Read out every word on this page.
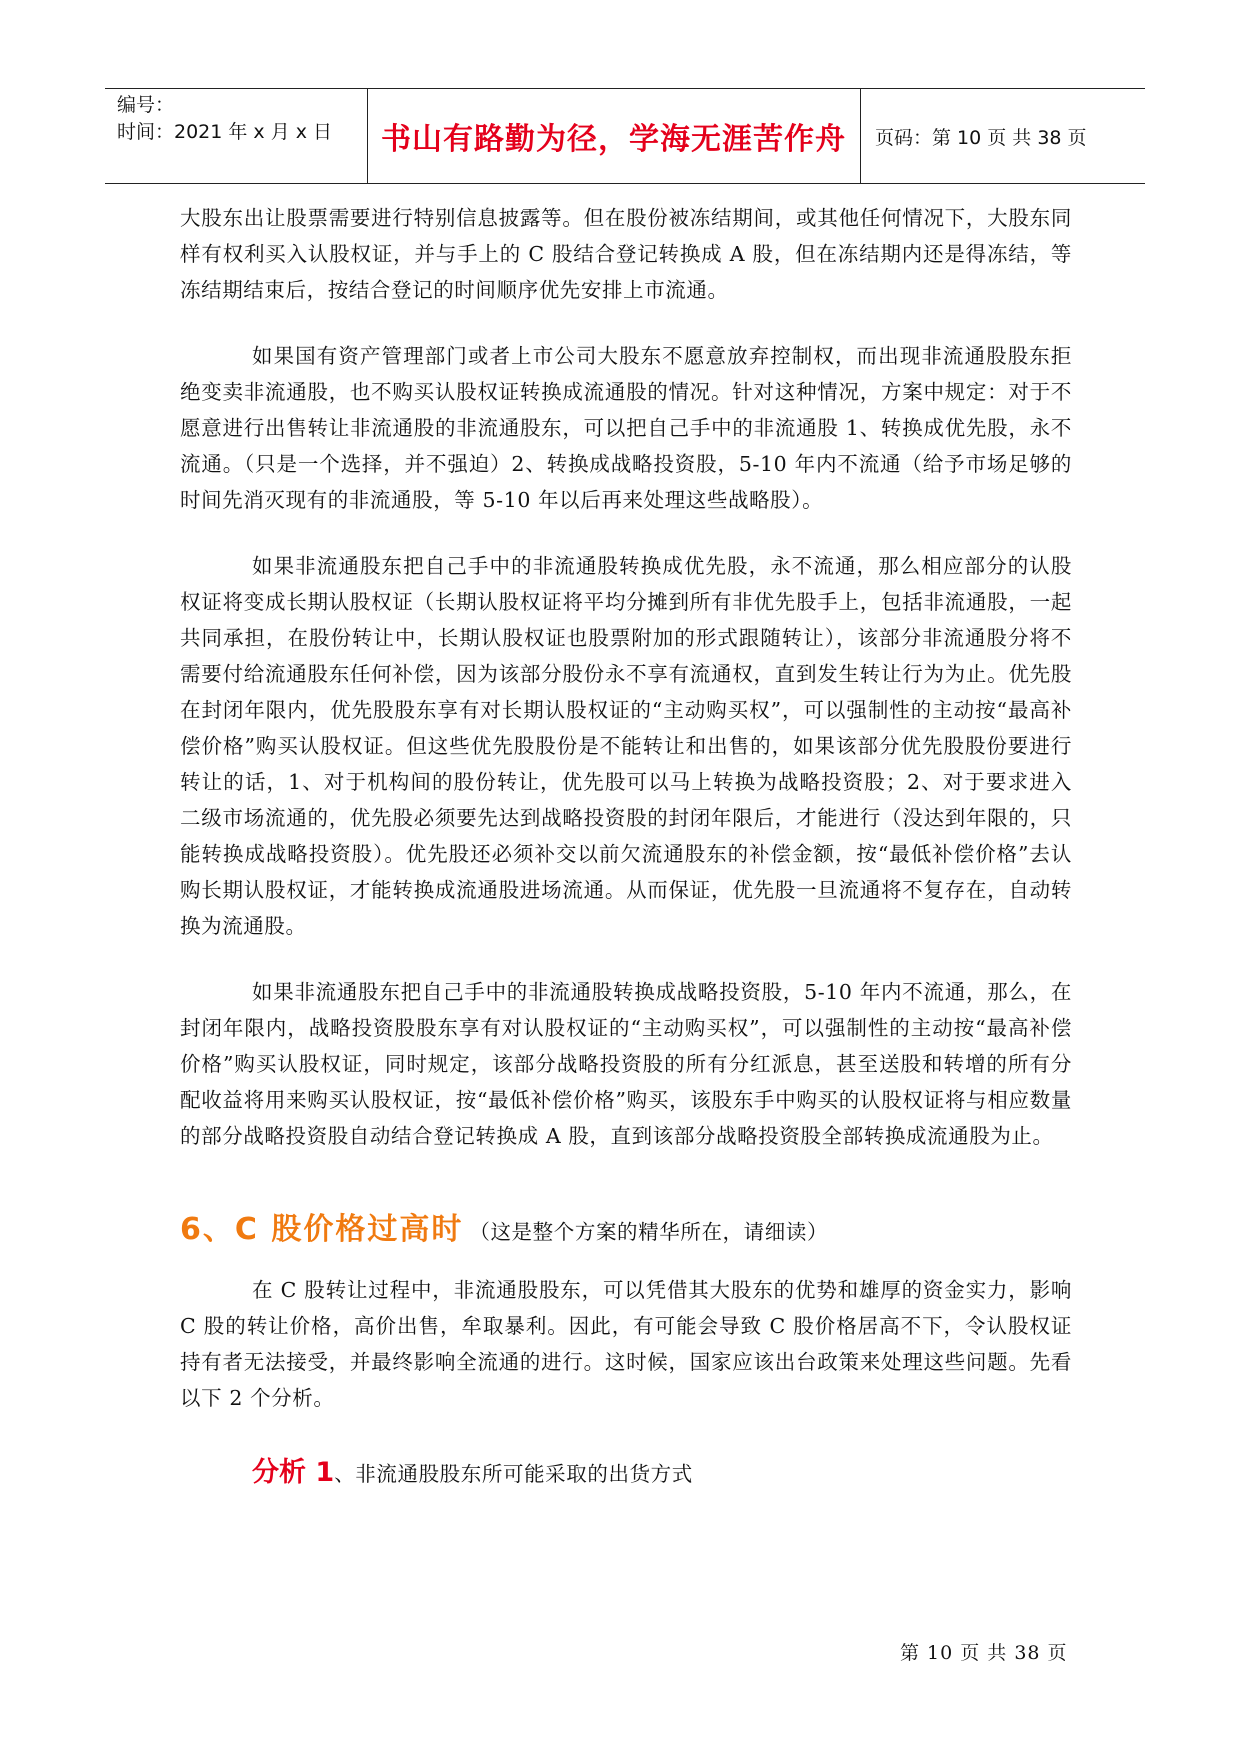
编号：
时间：2021 年 x 月 x 日	书山有路勤为径，学海无涯苦作舟	页码：第 10 页 共 38 页

大股东出让股票需要进行特别信息披露等。但在股份被冻结期间，或其他任何情况下，大股东同样有权利买入认股权证，并与手上的 C 股结合登记转换成 A 股，但在冻结期内还是得冻结，等冻结期结束后，按结合登记的时间顺序优先安排上市流通。

如果国有资产管理部门或者上市公司大股东不愿意放弃控制权，而出现非流通股股东拒绝变卖非流通股，也不购买认股权证转换成流通股的情况。针对这种情况，方案中规定：对于不愿意进行出售转让非流通股的非流通股东，可以把自己手中的非流通股 1、转换成优先股，永不流通。（只是一个选择，并不强迫）2、转换成战略投资股，5-10 年内不流通（给予市场足够的时间先消灭现有的非流通股，等 5-10 年以后再来处理这些战略股）。

如果非流通股东把自己手中的非流通股转换成优先股，永不流通，那么相应部分的认股权证将变成长期认股权证（长期认股权证将平均分摊到所有非优先股手上，包括非流通股，一起共同承担，在股份转让中，长期认股权证也股票附加的形式跟随转让），该部分非流通股分将不需要付给流通股东任何补偿，因为该部分股份永不享有流通权，直到发生转让行为为止。优先股在封闭年限内，优先股股东享有对长期认股权证的“主动购买权”，可以强制性的主动按“最高补偿价格”购买认股权证。但这些优先股股份是不能转让和出售的，如果该部分优先股股份要进行转让的话，1、对于机构间的股份转让，优先股可以马上转换为战略投资股；2、对于要求进入二级市场流通的，优先股必须要先达到战略投资股的封闭年限后，才能进行（没达到年限的，只能转换成战略投资股）。优先股还必须补交以前欠流通股东的补偿金额，按“最低补偿价格”去认购长期认股权证，才能转换成流通股进场流通。从而保证，优先股一旦流通将不复存在，自动转换为流通股。

如果非流通股东把自己手中的非流通股转换成战略投资股，5-10 年内不流通，那么，在封闭年限内，战略投资股股东享有对认股权证的“主动购买权”，可以强制性的主动按“最高补偿价格”购买认股权证，同时规定，该部分战略投资股的所有分红派息，甚至送股和转增的所有分配收益将用来购买认股权证，按“最低补偿价格”购买，该股东手中购买的认股权证将与相应数量的部分战略投资股自动结合登记转换成 A 股，直到该部分战略投资股全部转换成流通股为止。

6、C 股价格过高时 （这是整个方案的精华所在，请细读）

在 C 股转让过程中，非流通股股东，可以凭借其大股东的优势和雄厚的资金实力，影响 C 股的转让价格，高价出售，牟取暴利。因此，有可能会导致 C 股价格居高不下，令认股权证持有者无法接受，并最终影响全流通的进行。这时候，国家应该出台政策来处理这些问题。先看以下 2 个分析。

分析 1 、非流通股股东所可能采取的出货方式
第 10 页 共 38 页
